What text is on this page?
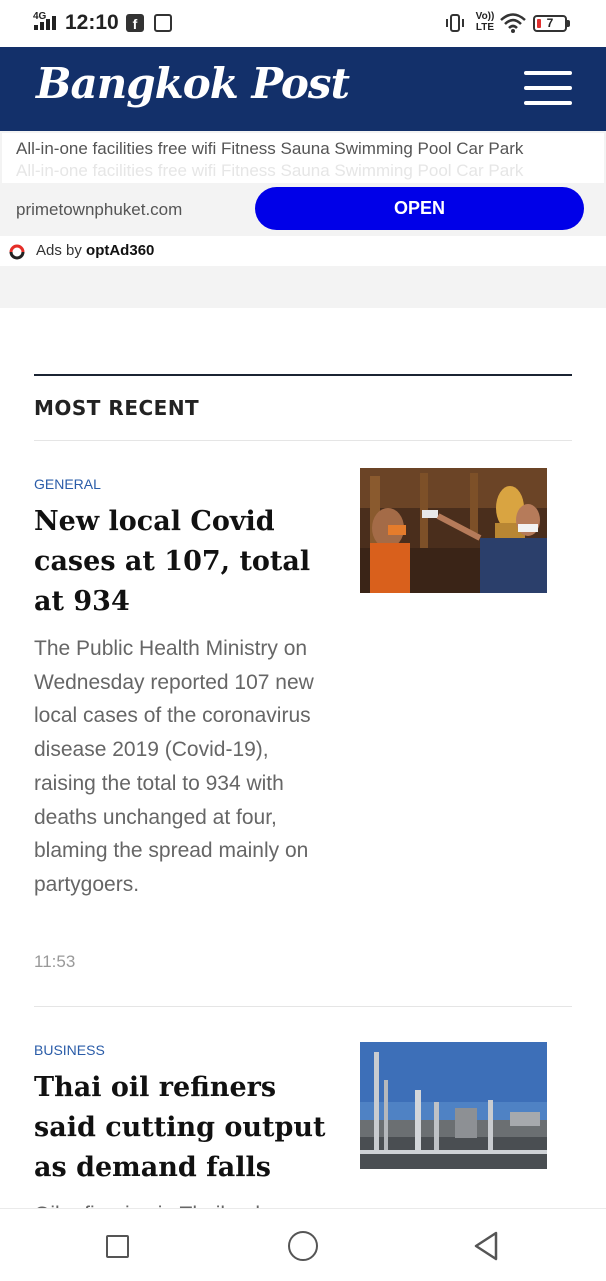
4G 12:10 f	Vo)) LTE	7
Bangkok Post
All-in-one facilities free wifi Fitness Sauna Swimming Pool Car Park
All-in-one facilities free wifi Fitness Sauna Swimming Pool Car Park
primetownphuket.com	OPEN
Ads by optAd360
MOST RECENT
GENERAL
New local Covid cases at 107, total at 934
The Public Health Ministry on Wednesday reported 107 new local cases of the coronavirus disease 2019 (Covid-19), raising the total to 934 with deaths unchanged at four, blaming the spread mainly on partygoers.
11:53
BUSINESS
Thai oil refiners said cutting output as demand falls
